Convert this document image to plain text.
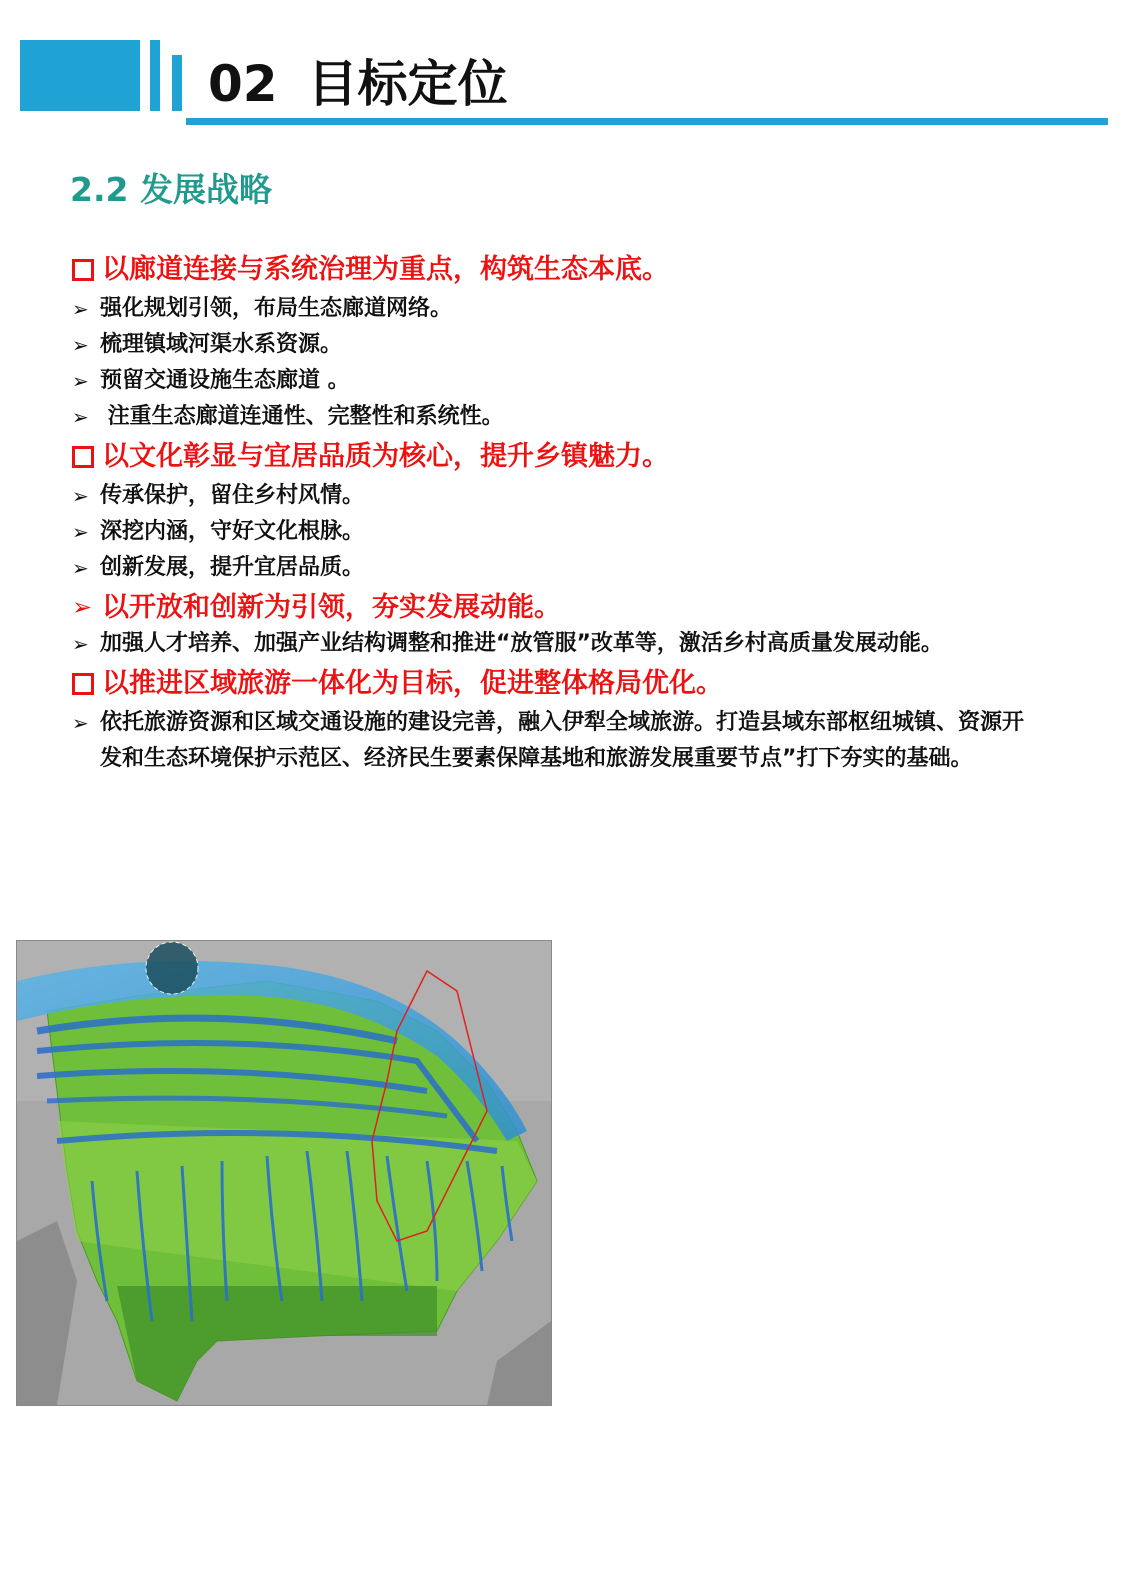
02 目标定位
2.2 发展战略
以廊道连接与系统治理为重点，构筑生态本底。
➢ 强化规划引领，布局生态廊道网络。
➢ 梳理镇域河渠水系资源。
➢ 预留交通设施生态廊道 。
➢ 注重生态廊道连通性、完整性和系统性。
以文化彰显与宜居品质为核心，提升乡镇魅力。
➢ 传承保护，留住乡村风情。
➢ 深挖内涵，守好文化根脉。
➢ 创新发展，提升宜居品质。
➢ 以开放和创新为引领，夯实发展动能。
➢ 加强人才培养、加强产业结构调整和推进“放管服”改革等，激活乡村高质量发展动能。
以推进区域旅游一体化为目标，促进整体格局优化。
➢ 依托旅游资源和区域交通设施的建设完善，融入伊犁全域旅游。打造县域东部枢纽城镇、资源开发和生态环境保护示范区、经济民生要素保障基地和旅游发展重要节点”打下夯实的基础。
